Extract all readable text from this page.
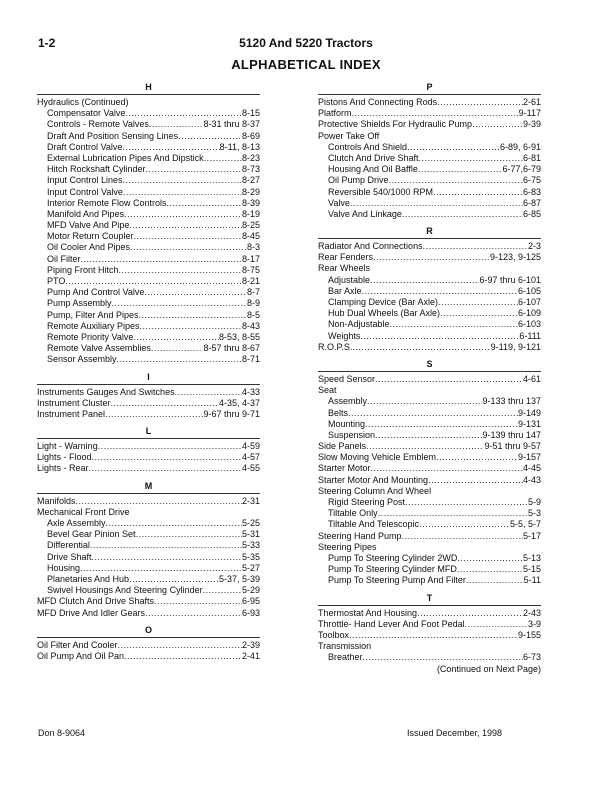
1-2	5120 And 5220 Tractors
ALPHABETICAL INDEX
H
Hydraulics (Continued)
Compensator Valve .....	8-15
Controls - Remote Valves .....	8-31 thru 8-37
Draft And Position Sensing Lines .....	8-69
Draft Control Valve .....	8-11, 8-13
External Lubrication Pipes And Dipstick .....	8-23
Hitch Rockshaft Cylinder .....	8-73
Input Control Lines .....	8-27
Input Control Valve .....	8-29
Interior Remote Flow Controls .....	8-39
Manifold And Pipes .....	8-19
MFD Valve And Pipe .....	8-25
Motor Return Coupler .....	8-45
Oil Cooler And Pipes .....	8-3
Oil Filter .....	8-17
Piping Front Hitch .....	8-75
PTO .....	8-21
Pump And Control Valve .....	8-7
Pump Assembly .....	8-9
Pump, Filter And Pipes .....	8-5
Remote Auxiliary Pipes .....	8-43
Remote Priority Valve .....	8-53, 8-55
Remote Valve Assemblies .....	8-57 thru 8-67
Sensor Assembly .....	8-71
I
Instruments Gauges And Switches .....	4-33
Instrument Cluster .....	4-35, 4-37
Instrument Panel .....	9-67 thru 9-71
L
Light - Warning .....	4-59
Lights - Flood .....	4-57
Lights - Rear .....	4-55
M
Manifolds .....	2-31
Mechanical Front Drive
Axle Assembly .....	5-25
Bevel Gear Pinion Set .....	5-31
Differential .....	5-33
Drive Shaft .....	5-35
Housing .....	5-27
Planetaries And Hub .....	5-37, 5-39
Swivel Housings And Steering Cylinder .....	5-29
MFD Clutch And Drive Shafts .....	6-95
MFD Drive And Idler Gears .....	6-93
O
Oil Filter And Cooler .....	2-39
Oil Pump And Oil Pan .....	2-41
P
Pistons And Connecting Rods .....	2-61
Platform .....	9-117
Protective Shields For Hydraulic Pump .....	9-39
Power Take Off
Controls And Shield .....	6-89, 6-91
Clutch And Drive Shaft .....	6-81
Housing And Oil Baffle .....	6-77,6-79
Oil Pump Drive .....	6-75
Reversible 540/1000 RPM .....	6-83
Valve .....	6-87
Valve And Linkage .....	6-85
R
Radiator And Connections .....	2-3
Rear Fenders .....	9-123, 9-125
Rear Wheels
Adjustable .....	6-97 thru 6-101
Bar Axle .....	6-105
Clamping Device (Bar Axle) .....	6-107
Hub Dual Wheels (Bar Axle) .....	6-109
Non-Adjustable .....	6-103
Weights .....	6-111
R.O.P.S. .....	9-119, 9-121
S
Speed Sensor .....	4-61
Seat
Assembly .....	9-133 thru 137
Belts .....	9-149
Mounting .....	9-131
Suspension .....	9-139 thru 147
Side Panels .....	9-51 thru 9-57
Slow Moving Vehicle Emblem .....	9-157
Starter Motor .....	4-45
Starter Motor And Mounting .....	4-43
Steering Column And Wheel
Rigid Steering Post .....	5-9
Tiltable Only .....	5-3
Tiltable And Telescopic .....	5-5, 5-7
Steering Hand Pump .....	5-17
Steering Pipes
Pump To Steering Cylinder 2WD .....	5-13
Pump To Steering Cylinder MFD .....	5-15
Pump To Steering Pump And Filter .....	5-11
T
Thermostat And Housing .....	2-43
Throttle- Hand Lever And Foot Pedal .....	3-9
Toolbox .....	9-155
Transmission
Breather .....	6-73
(Continued on Next Page)
Don 8-9064	Issued December, 1998
